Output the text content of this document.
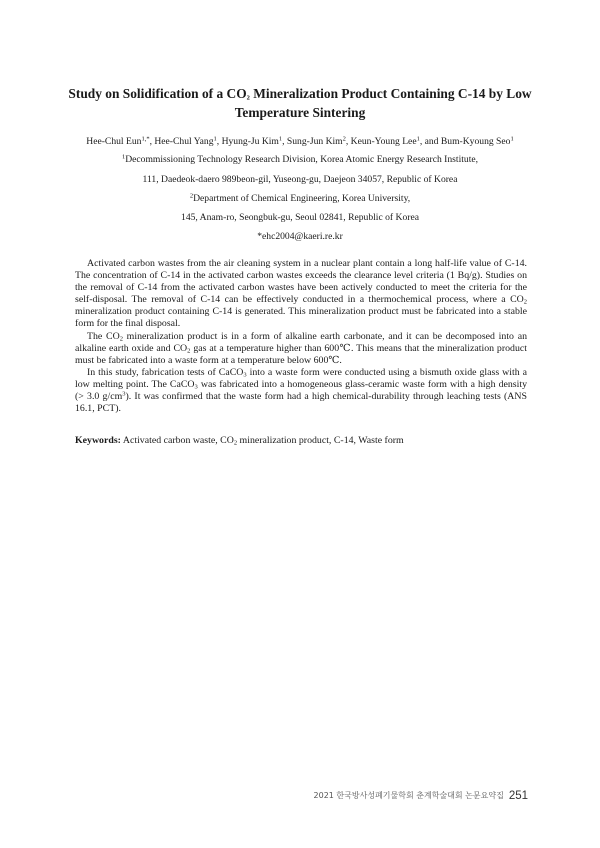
Study on Solidification of a $CO_2$ Mineralization Product Containing C-14 by Low
Temperature Sintering
Hee-Chul Eun$^{1,*}$, Hee-Chul Yang$^1$, Hyung-Ju Kim$^1$, Sung-Jun Kim$^2$, Keun-Young Lee$^1$, and Bum-Kyoung Seo$^1$
$^1$Decommissioning Technology Research Division, Korea Atomic Energy Research Institute,
111, Daedeok-daero 989beon-gil, Yuseong-gu, Daejeon 34057, Republic of Korea
$^2$Department of Chemical Engineering, Korea University,
145, Anam-ro, Seongbuk-gu, Seoul 02841, Republic of Korea
*ehc2004@kaeri.re.kr

Activated carbon wastes from the air cleaning system in a nuclear plant contain a long half-life value of C-14. The concentration of C-14 in the activated carbon wastes exceeds the clearance level criteria (1 Bq/g). Studies on the removal of C-14 from the activated carbon wastes have been actively conducted to meet the criteria for the self-disposal. The removal of C-14 can be effectively conducted in a thermochemical process, where a $CO_2$ mineralization product containing C-14 is generated. This mineralization product must be fabricated into a stable form for the final disposal.

The $CO_2$ mineralization product is in a form of alkaline earth carbonate, and it can be decomposed into an alkaline earth oxide and $CO_2$ gas at a temperature higher than 600℃. This means that the mineralization product must be fabricated into a waste form at a temperature below 600℃.

In this study, fabrication tests of CaCO$_3$ into a waste form were conducted using a bismuth oxide glass with a low melting point. The CaCO$_3$ was fabricated into a homogeneous glass-ceramic waste form with a high density (> 3.0 $g/cm^3$). It was confirmed that the waste form had a high chemical-durability through leaching tests (ANS 16.1, PCT).

Keywords: Activated carbon waste, $CO_2$ mineralization product, C-14, Waste form
2021 한국방사성폐기물학회 춘계학술대회 논문요약집 251
